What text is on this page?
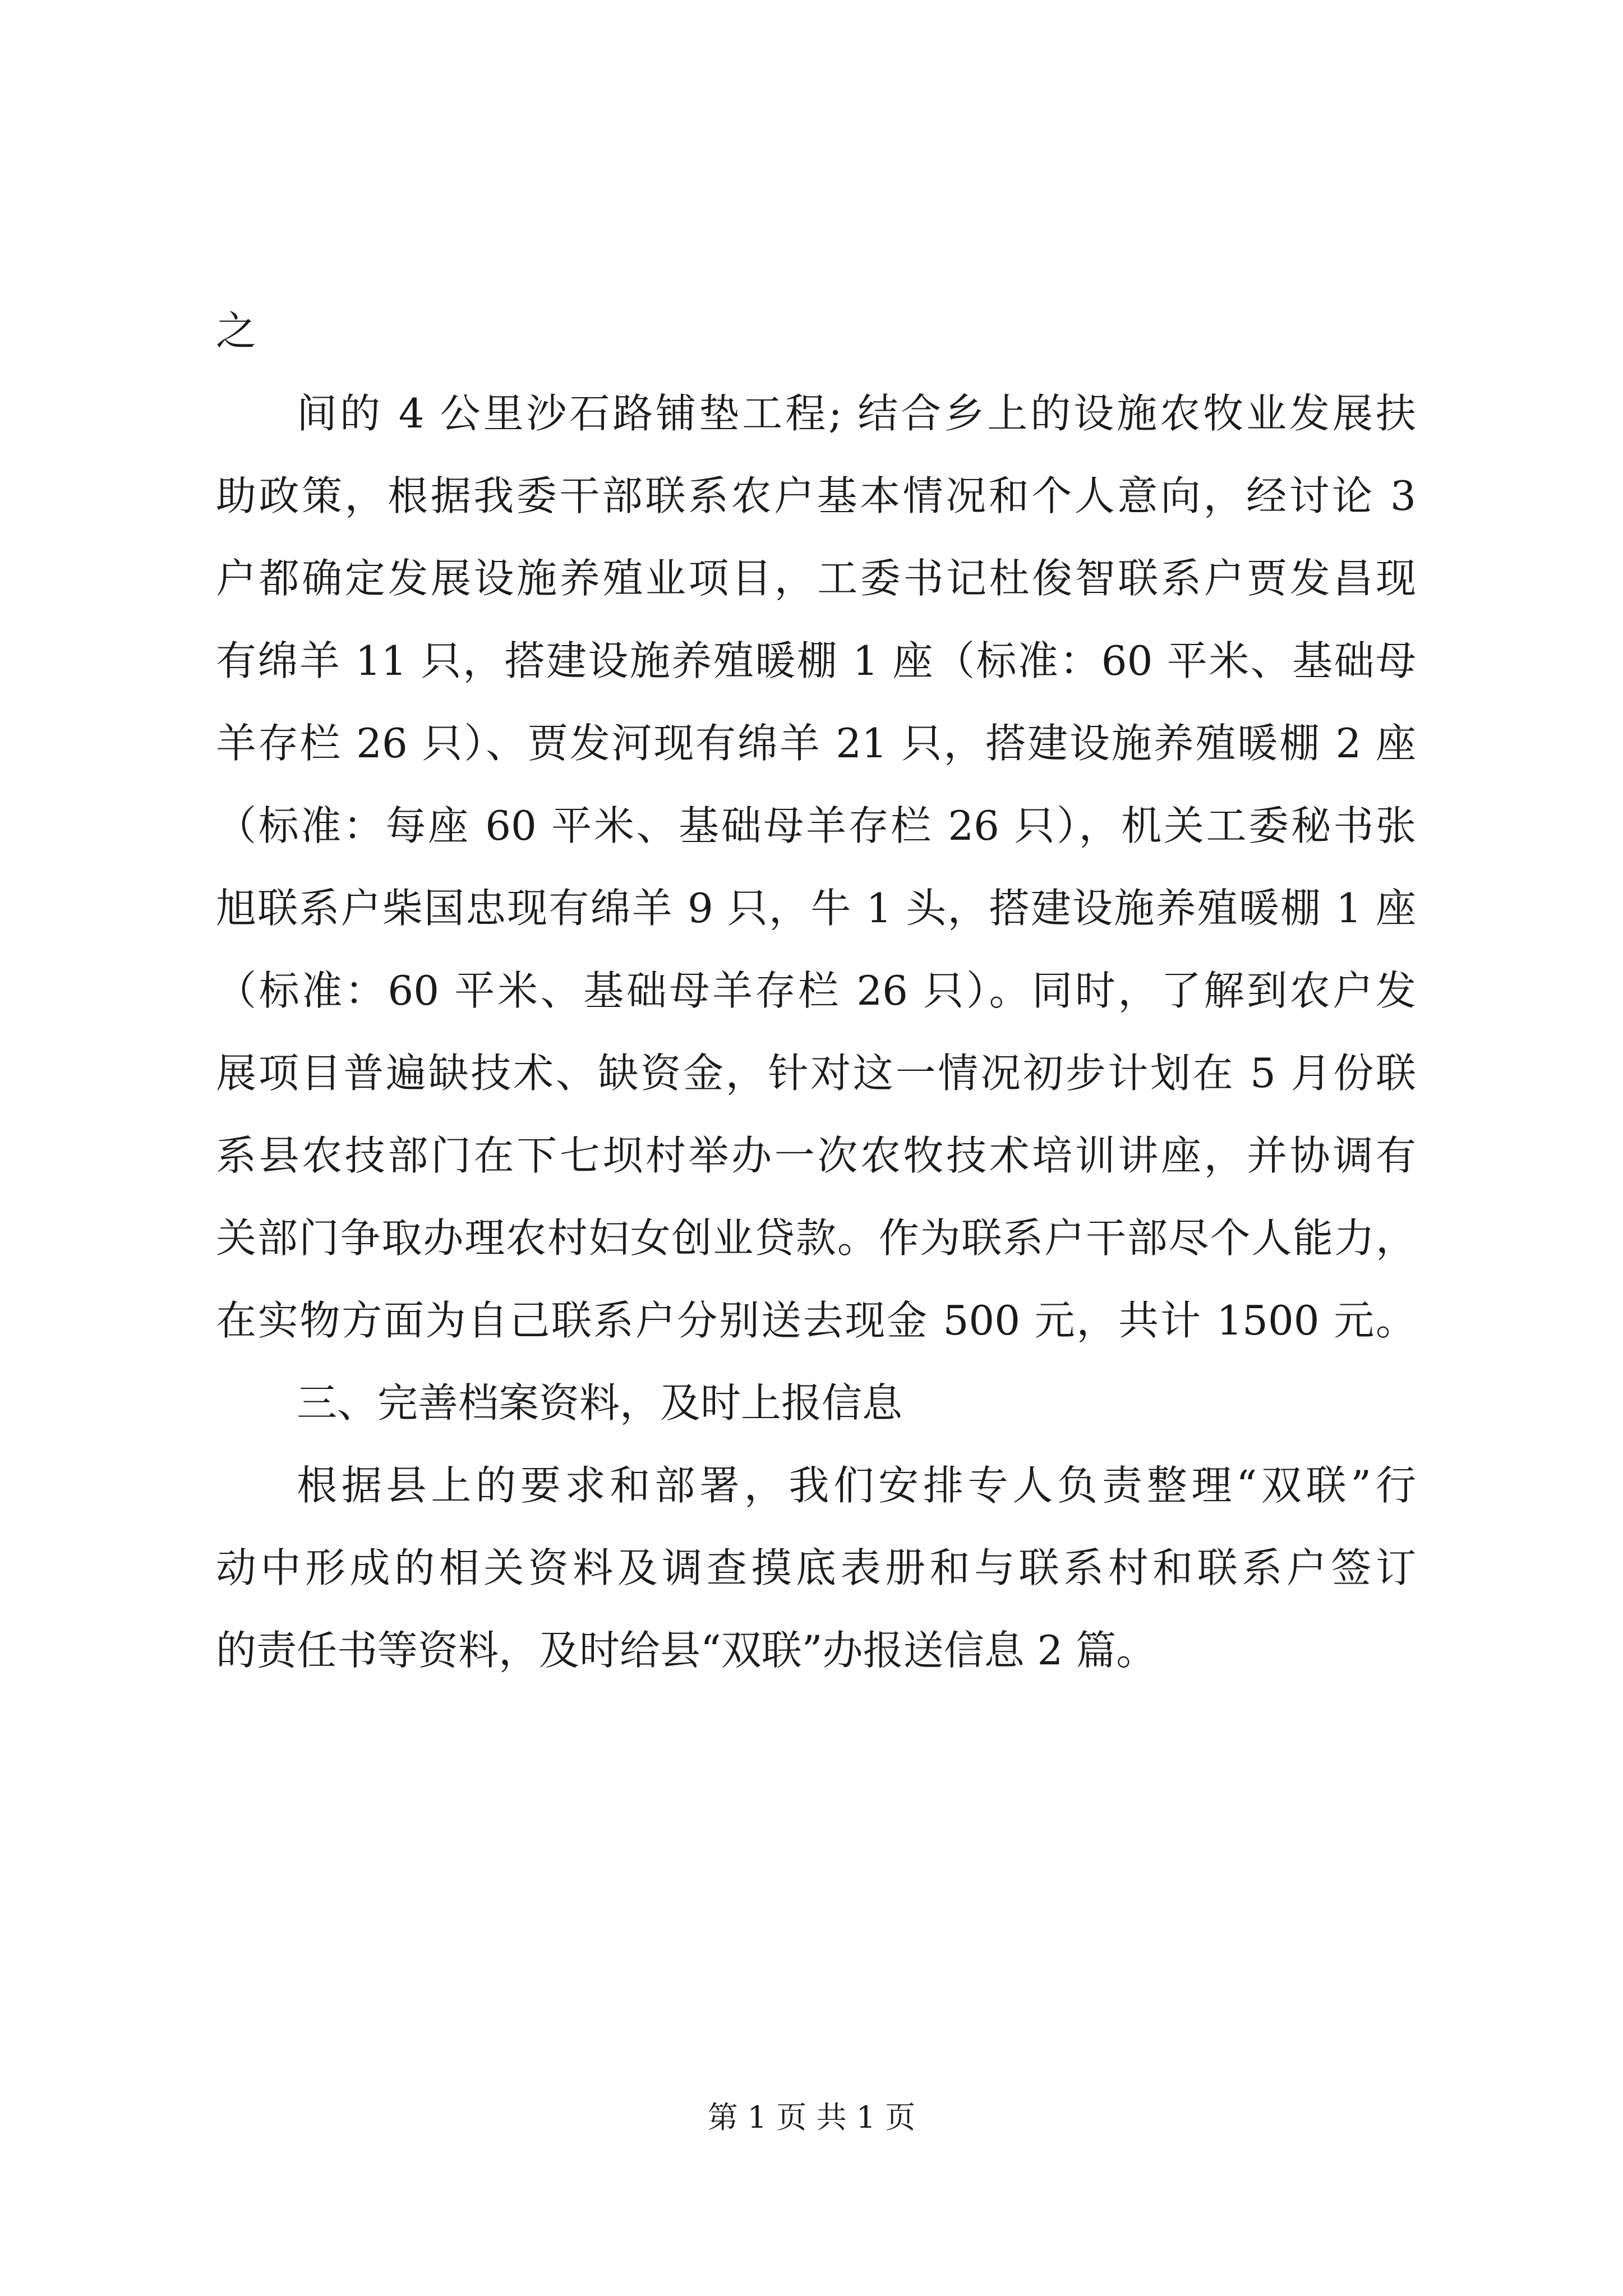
之
间的 4 公里沙石路铺垫工程; 结合乡上的设施农牧业发展扶
助政策，根据我委干部联系农户基本情况和个人意向，经讨论 3
户都确定发展设施养殖业项目，工委书记杜俊智联系户贾发昌现
有绵羊 11 只，搭建设施养殖暖棚 1 座（标准：60 平米、基础母
羊存栏 26 只）、贾发河现有绵羊 21 只，搭建设施养殖暖棚 2 座
（标准：每座 60 平米、基础母羊存栏 26 只），机关工委秘书张
旭联系户柴国忠现有绵羊 9 只，牛 1 头，搭建设施养殖暖棚 1 座
（标准：60 平米、基础母羊存栏 26 只）。同时，了解到农户发
展项目普遍缺技术、缺资金，针对这一情况初步计划在 5 月份联
系县农技部门在下七坝村举办一次农牧技术培训讲座，并协调有
关部门争取办理农村妇女创业贷款。作为联系户干部尽个人能力，
在实物方面为自己联系户分别送去现金 500 元，共计 1500 元。
三、完善档案资料，及时上报信息
根据县上的要求和部署，我们安排专人负责整理“双联”行
动中形成的相关资料及调查摸底表册和与联系村和联系户签订
的责任书等资料，及时给县“双联”办报送信息 2 篇。
第 1 页 共 1 页
